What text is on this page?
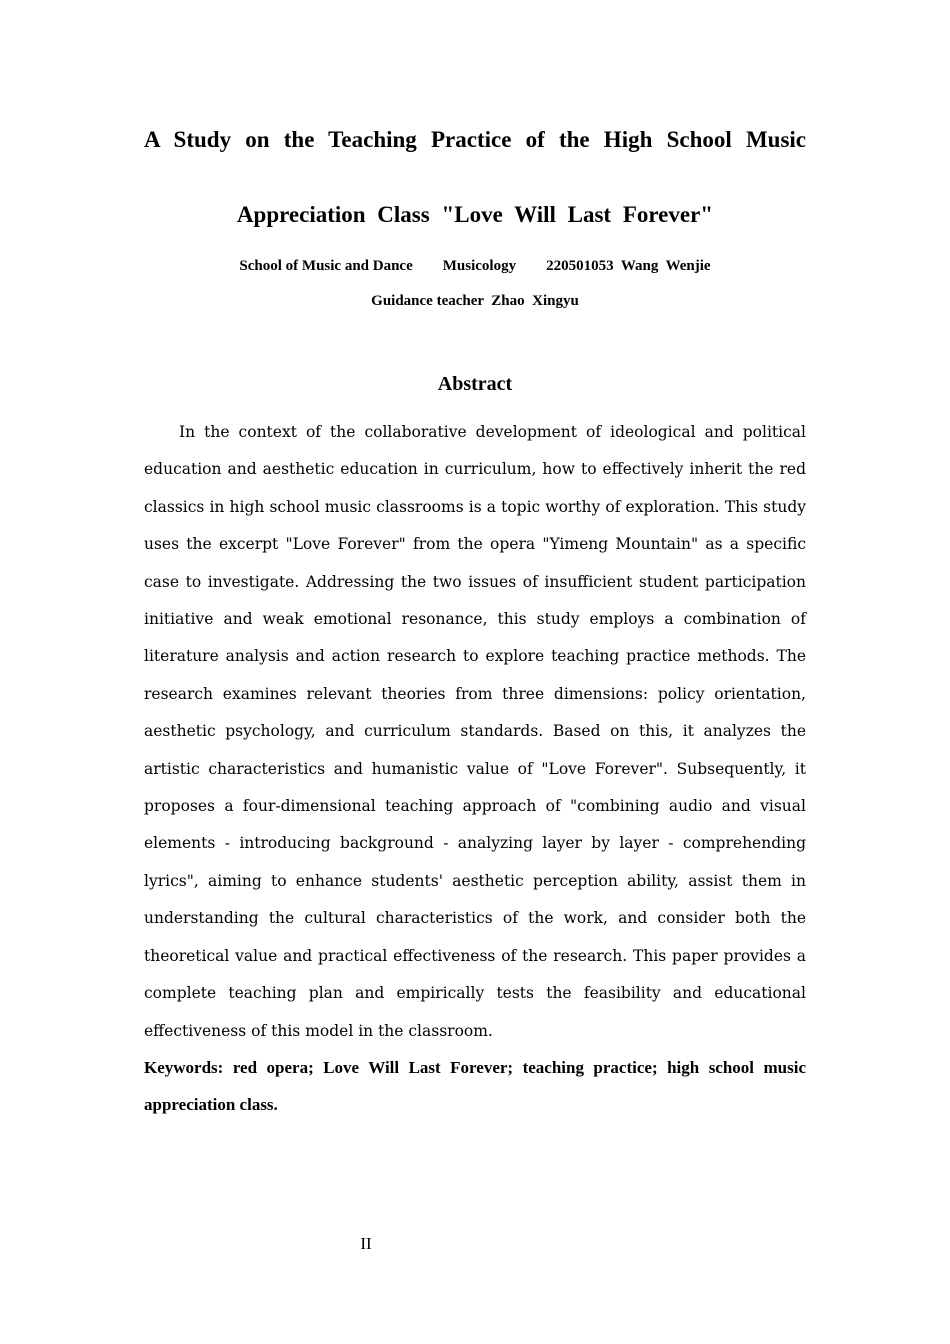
A Study on the Teaching Practice of the High School Music
Appreciation Class "Love Will Last Forever"
School of Music and Dance Musicology 220501053 Wang  Wenjie
Guidance teacher Zhao  Xingyu
Abstract

In the context of the collaborative development of ideological and political education and aesthetic education in curriculum, how to effectively inherit the red classics in high school music classrooms is a topic worthy of exploration. This study uses the excerpt "Love Forever" from the opera "Yimeng Mountain" as a specific case to investigate. Addressing the two issues of insufficient student participation initiative and weak emotional resonance, this study employs a combination of literature analysis and action research to explore teaching practice methods. The research examines relevant theories from three dimensions: policy orientation, aesthetic psychology, and curriculum standards. Based on this, it analyzes the artistic characteristics and humanistic value of "Love Forever". Subsequently, it proposes a four-dimensional teaching approach of "combining audio and visual elements - introducing background - analyzing layer by layer - comprehending lyrics", aiming to enhance students' aesthetic perception ability, assist them in understanding the cultural characteristics of the work, and consider both the theoretical value and practical effectiveness of the research. This paper provides a complete teaching plan and empirically tests the feasibility and educational effectiveness of this model in the classroom.

Keywords: red opera; Love Will Last Forever; teaching practice; high school music appreciation class.

II
